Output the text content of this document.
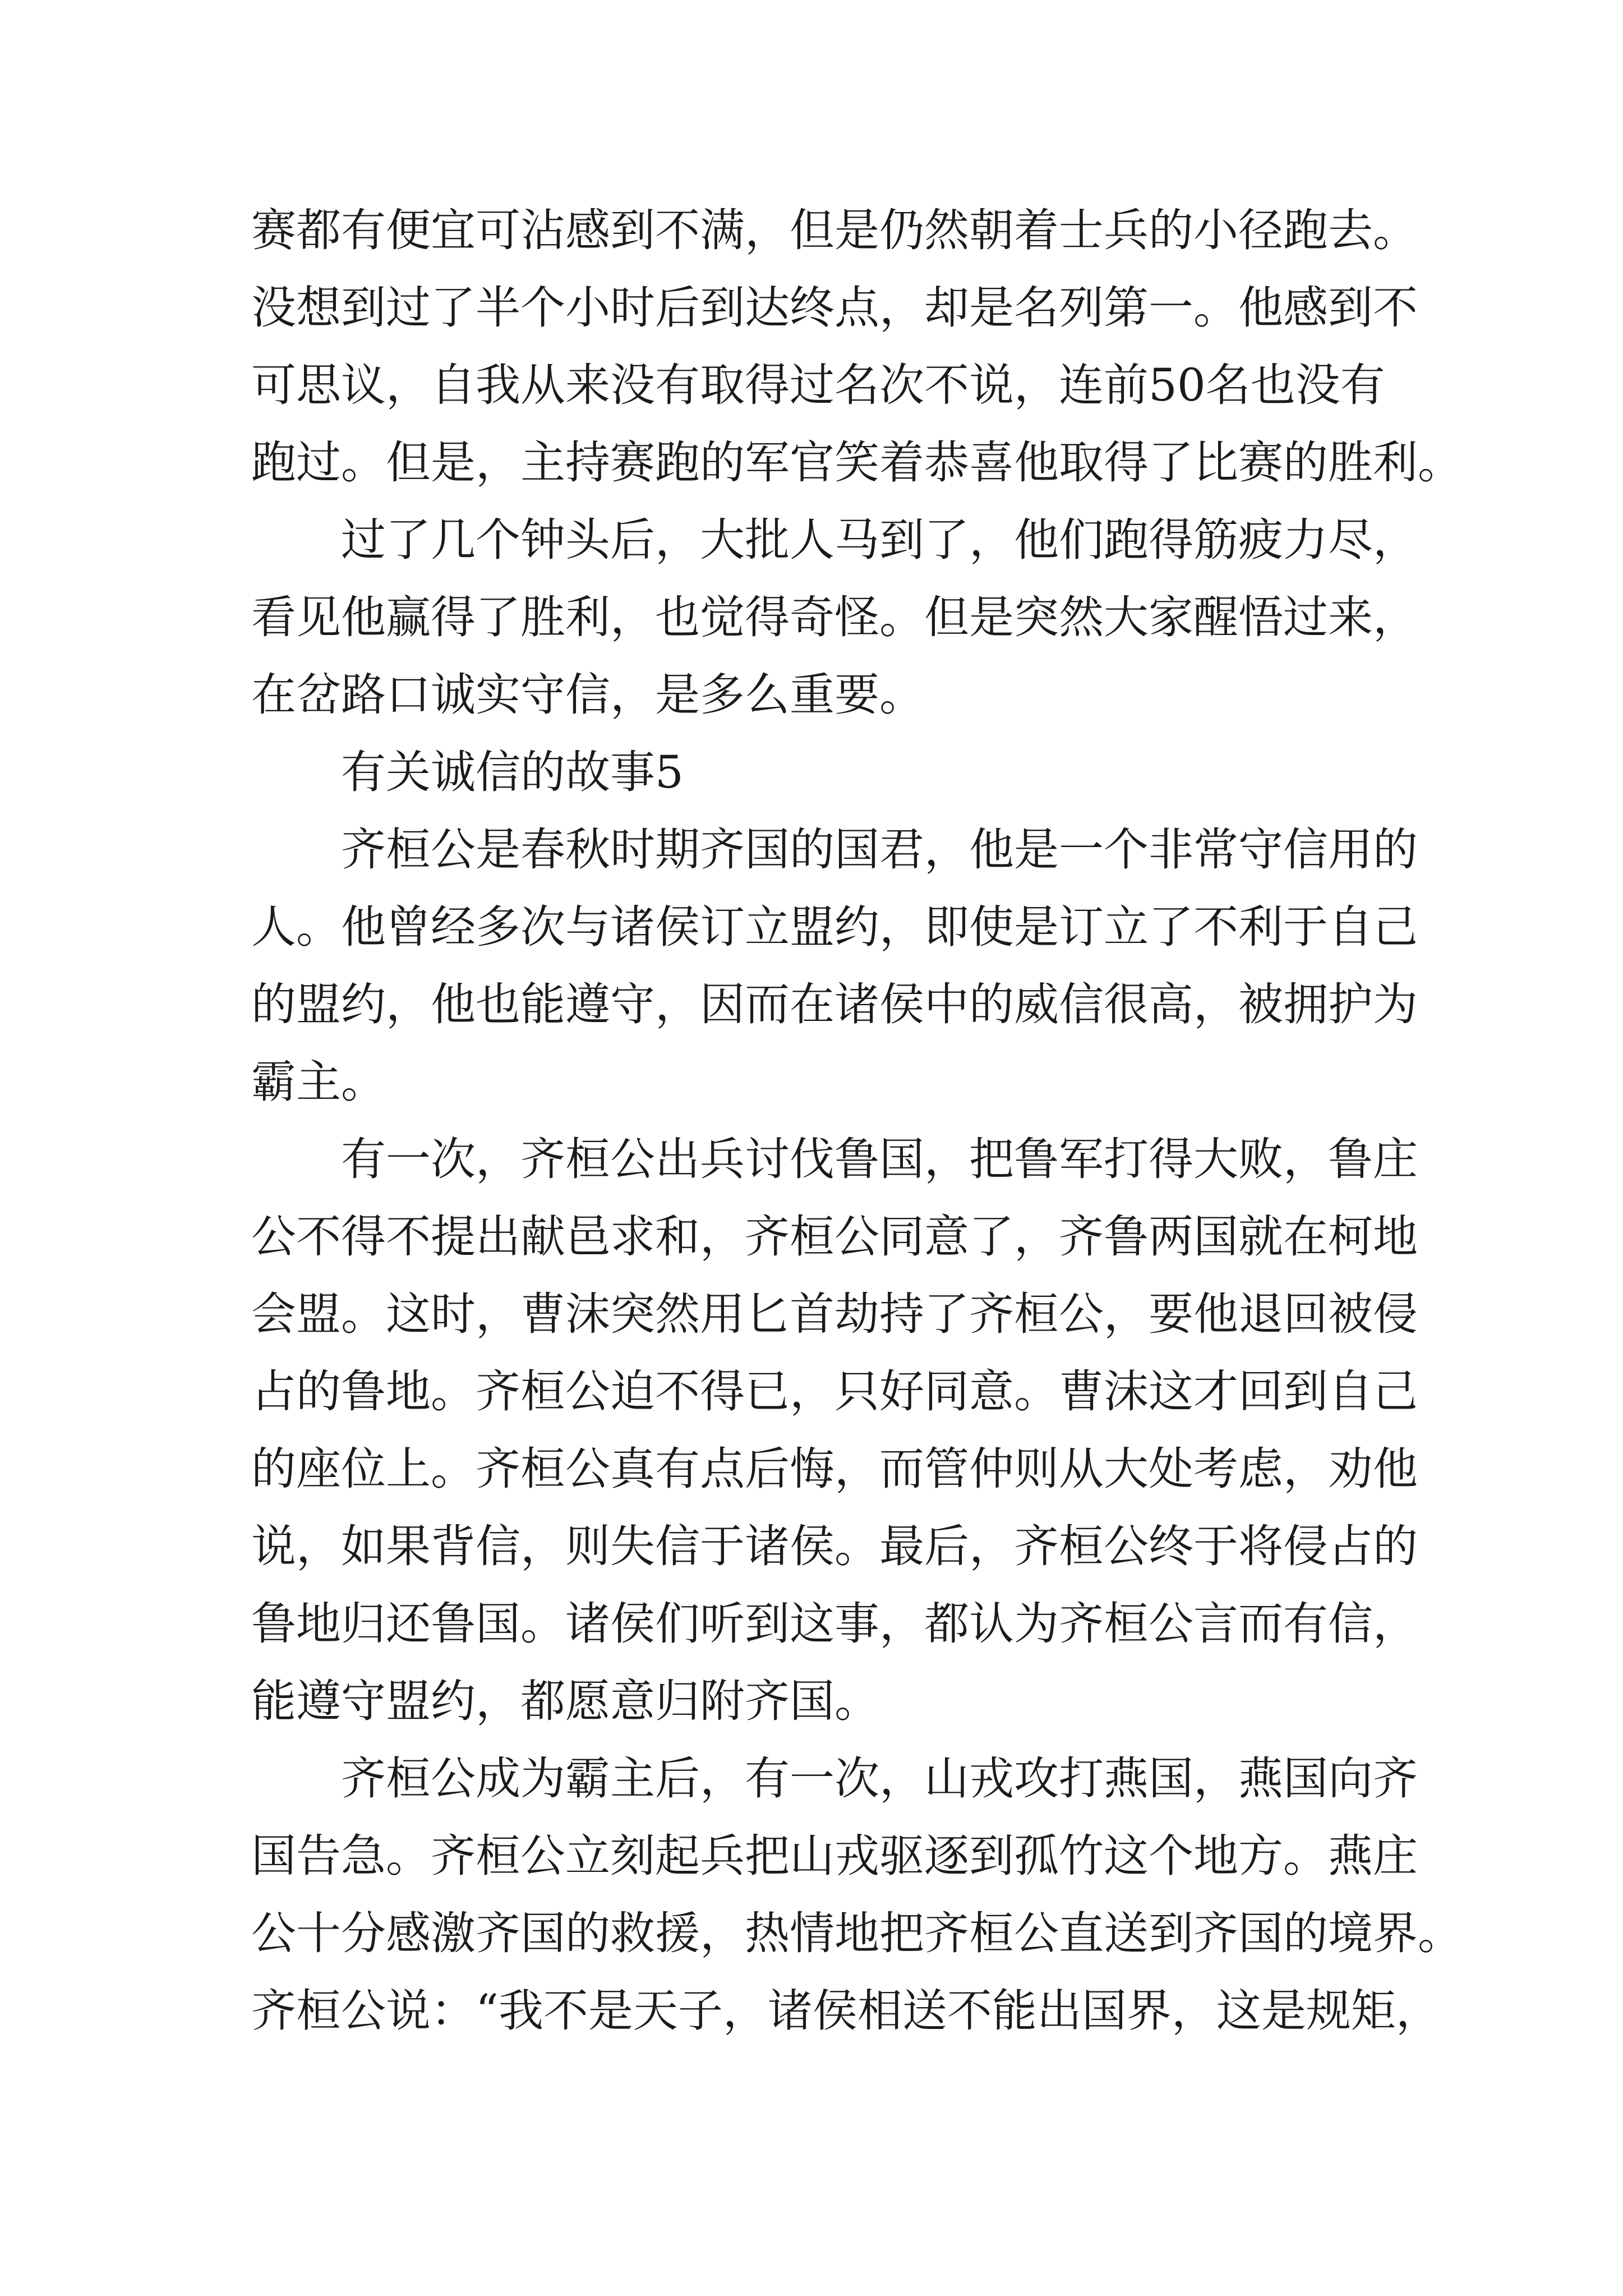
赛都有便宜可沾感到不满，但是仍然朝着士兵的小径跑去。

没想到过了半个小时后到达终点，却是名列第一。他感到不

可思议，自我从来没有取得过名次不说，连前50名也没有

跑过。但是，主持赛跑的军官笑着恭喜他取得了比赛的胜利。

过了几个钟头后，大批人马到了，他们跑得筋疲力尽，

看见他赢得了胜利，也觉得奇怪。但是突然大家醒悟过来，

在岔路口诚实守信，是多么重要。

有关诚信的故事5

齐桓公是春秋时期齐国的国君，他是一个非常守信用的

人。他曾经多次与诸侯订立盟约，即使是订立了不利于自己

的盟约，他也能遵守，因而在诸侯中的威信很高，被拥护为

霸主。

有一次，齐桓公出兵讨伐鲁国，把鲁军打得大败，鲁庄

公不得不提出献邑求和，齐桓公同意了，齐鲁两国就在柯地

会盟。这时，曹沫突然用匕首劫持了齐桓公，要他退回被侵

占的鲁地。齐桓公迫不得已，只好同意。曹沫这才回到自己

的座位上。齐桓公真有点后悔，而管仲则从大处考虑，劝他

说，如果背信，则失信于诸侯。最后，齐桓公终于将侵占的

鲁地归还鲁国。诸侯们听到这事，都认为齐桓公言而有信，

能遵守盟约，都愿意归附齐国。

齐桓公成为霸主后，有一次，山戎攻打燕国，燕国向齐

国告急。齐桓公立刻起兵把山戎驱逐到孤竹这个地方。燕庄

公十分感激齐国的救援，热情地把齐桓公直送到齐国的境界。

齐桓公说：“我不是天子，诸侯相送不能出国界，这是规矩，
